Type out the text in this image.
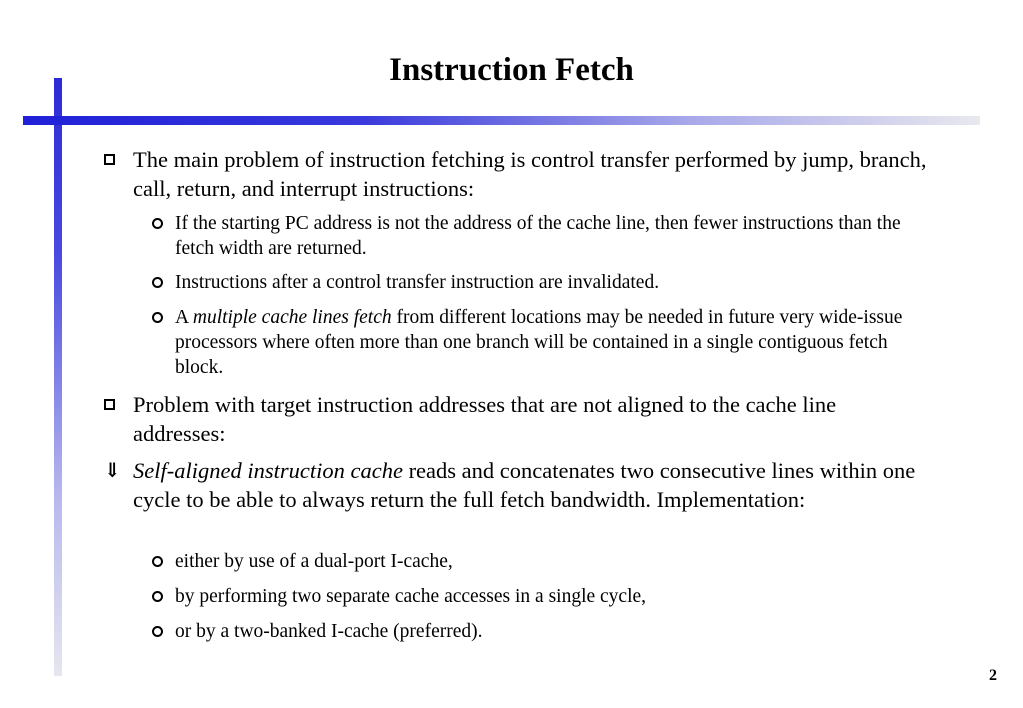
Instruction Fetch
The main problem of instruction fetching is control transfer performed by jump, branch, call, return, and interrupt instructions:
If the starting PC address is not the address of the cache line, then fewer instructions than the fetch width are returned.
Instructions after a control transfer instruction are invalidated.
A multiple cache lines fetch from different locations may be needed in future very wide-issue processors where often more than one branch will be contained in a single contiguous fetch block.
Problem with target instruction addresses that are not aligned to the cache line addresses:
⇓ Self-aligned instruction cache reads and concatenates two consecutive lines within one cycle to be able to always return the full fetch bandwidth. Implementation:
either by use of a dual-port I-cache,
by performing two separate cache accesses in a single cycle,
or by a two-banked I-cache (preferred).
2
